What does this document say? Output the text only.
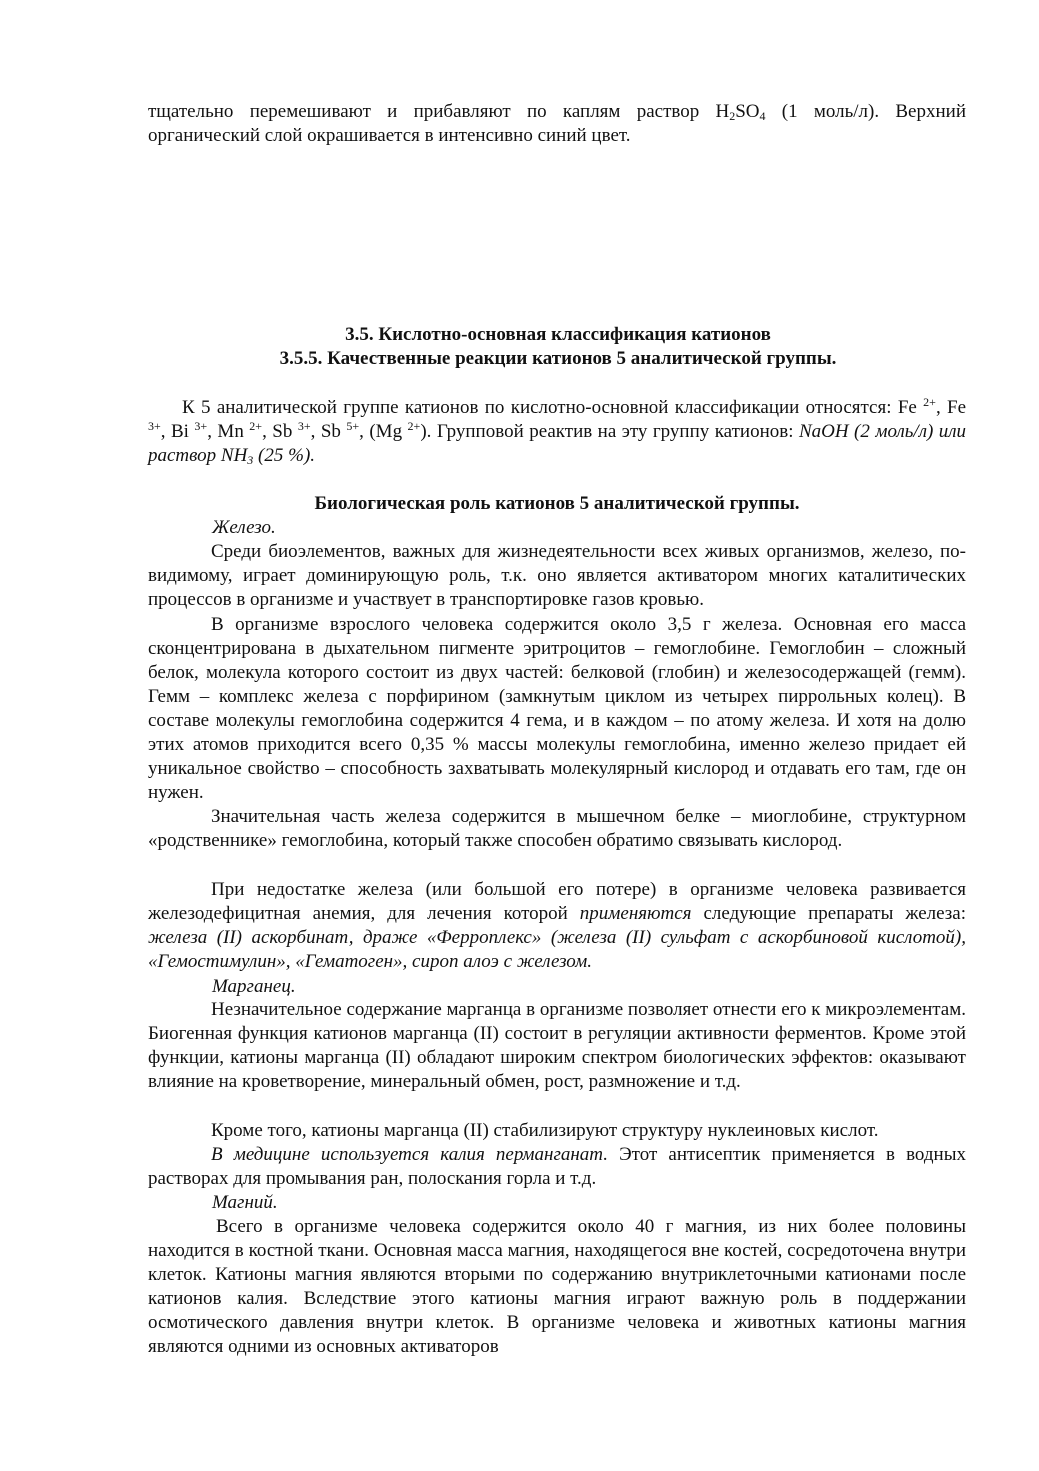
тщательно перемешивают и прибавляют по каплям раствор $H_2SO_4$ (1 моль/л). Верхний органический слой окрашивается в интенсивно синий цвет.

3.5. Кислотно-основная классификация катионов

3.5.5. Качественные реакции катионов 5 аналитической группы.

К 5 аналитической группе катионов по кислотно-основной классификации относятся: Fe $^{2+}$, Fe $^{3+}$, Bi $^{3+}$, Mn $^{2+}$, Sb $^{3+}$, Sb $^{5+}$, (Mg $^{2+}$). Групповой реактив на эту группу катионов: NaOH (2 моль/л) или раствор $NH_3$ (25 %).

Биологическая роль катионов 5 аналитической группы.

Железо.

Среди биоэлементов, важных для жизнедеятельности всех живых организмов, железо, по-видимому, играет доминирующую роль, т.к. оно является активатором многих каталитических процессов в организме и участвует в транспортировке газов кровью.

В организме взрослого человека содержится около 3,5 г железа. Основная его масса сконцентрирована в дыхательном пигменте эритроцитов – гемоглобине. Гемоглобин – сложный белок, молекула которого состоит из двух частей: белковой (глобин) и железосодержащей (гемм). Гемм – комплекс железа с порфирином (замкнутым циклом из четырех пиррольных колец). В составе молекулы гемоглобина содержится 4 гема, и в каждом – по атому железа. И хотя на долю этих атомов приходится всего 0,35 % массы молекулы гемоглобина, именно железо придает ей уникальное свойство – способность захватывать молекулярный кислород и отдавать его там, где он нужен.

Значительная часть железа содержится в мышечном белке – миоглобине, структурном «родственнике» гемоглобина, который также способен обратимо связывать кислород.

При недостатке железа (или большой его потере) в организме человека развивается железодефицитная анемия, для лечения которой применяются следующие препараты железа: железа (II) аскорбинат, драже «Ферроплекс» (железа (II) сульфат с аскорбиновой кислотой), «Гемостимулин», «Гематоген», сироп алоэ с железом.

Марганец.

Незначительное содержание марганца в организме позволяет отнести его к микроэлементам. Биогенная функция катионов марганца (II) состоит в регуляции активности ферментов. Кроме этой функции, катионы марганца (II) обладают широким спектром биологических эффектов: оказывают влияние на кроветворение, минеральный обмен, рост, размножение и т.д.

Кроме того, катионы марганца (II) стабилизируют структуру нуклеиновых кислот.

В медицине используется калия перманганат. Этот антисептик применяется в водных растворах для промывания ран, полоскания горла и т.д.

Магний.

Всего в организме человека содержится около 40 г магния, из них более половины находится в костной ткани. Основная масса магния, находящегося вне костей, сосредоточена внутри клеток. Катионы магния являются вторыми по содержанию внутриклеточными катионами после катионов калия. Вследствие этого катионы магния играют важную роль в поддержании осмотического давления внутри клеток. В организме человека и животных катионы магния являются одними из основных активаторов
